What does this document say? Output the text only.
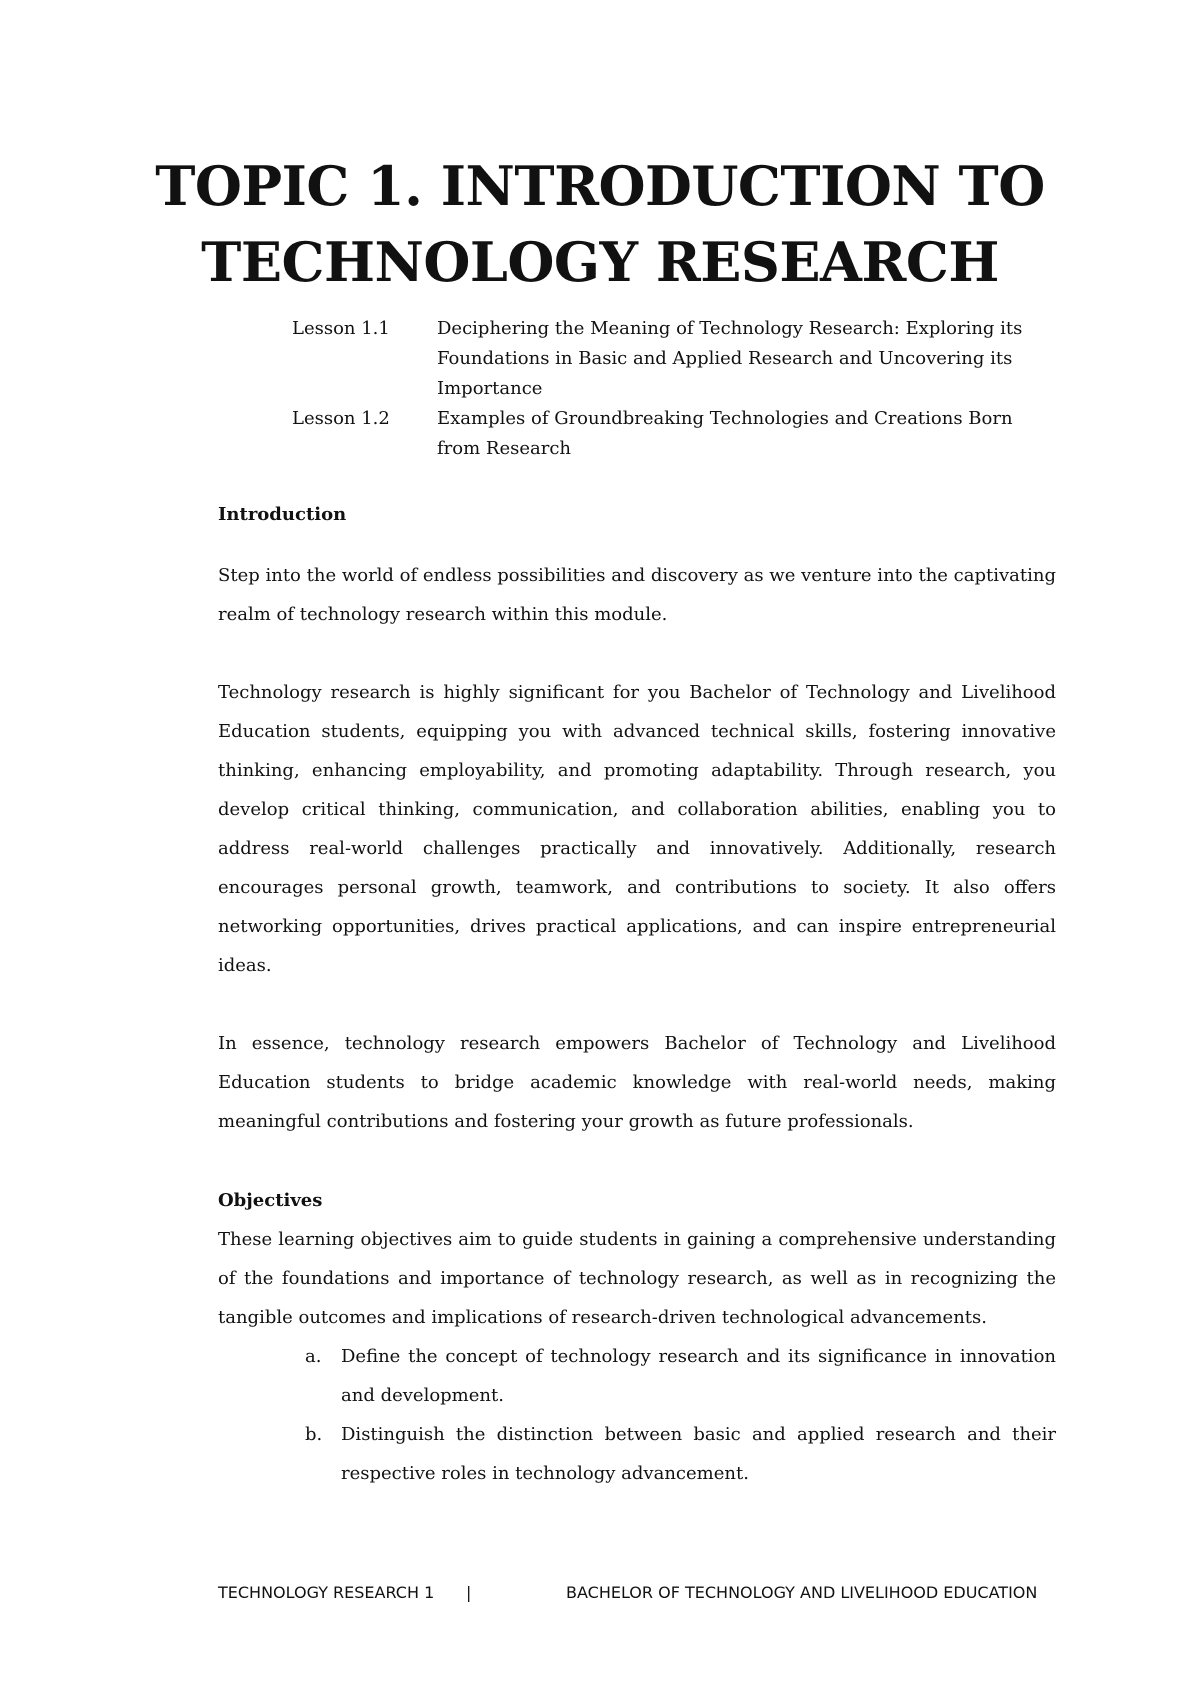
TOPIC 1. INTRODUCTION TO
TECHNOLOGY RESEARCH
Lesson 1.1	Deciphering the Meaning of Technology Research: Exploring its Foundations in Basic and Applied Research and Uncovering its Importance
Lesson 1.2	Examples of Groundbreaking Technologies and Creations Born from Research

Introduction

Step into the world of endless possibilities and discovery as we venture into the captivating realm of technology research within this module.

Technology research is highly significant for you Bachelor of Technology and Livelihood Education students, equipping you with advanced technical skills, fostering innovative thinking, enhancing employability, and promoting adaptability. Through research, you develop critical thinking, communication, and collaboration abilities, enabling you to address real-world challenges practically and innovatively. Additionally, research encourages personal growth, teamwork, and contributions to society. It also offers networking opportunities, drives practical applications, and can inspire entrepreneurial ideas.

In essence, technology research empowers Bachelor of Technology and Livelihood Education students to bridge academic knowledge with real-world needs, making meaningful contributions and fostering your growth as future professionals.

Objectives

These learning objectives aim to guide students in gaining a comprehensive understanding of the foundations and importance of technology research, as well as in recognizing the tangible outcomes and implications of research-driven technological advancements.

a.	Define the concept of technology research and its significance in innovation and development.
b.	Distinguish the distinction between basic and applied research and their respective roles in technology advancement.
TECHNOLOGY RESEARCH 1	|	BACHELOR OF TECHNOLOGY AND LIVELIHOOD EDUCATION
